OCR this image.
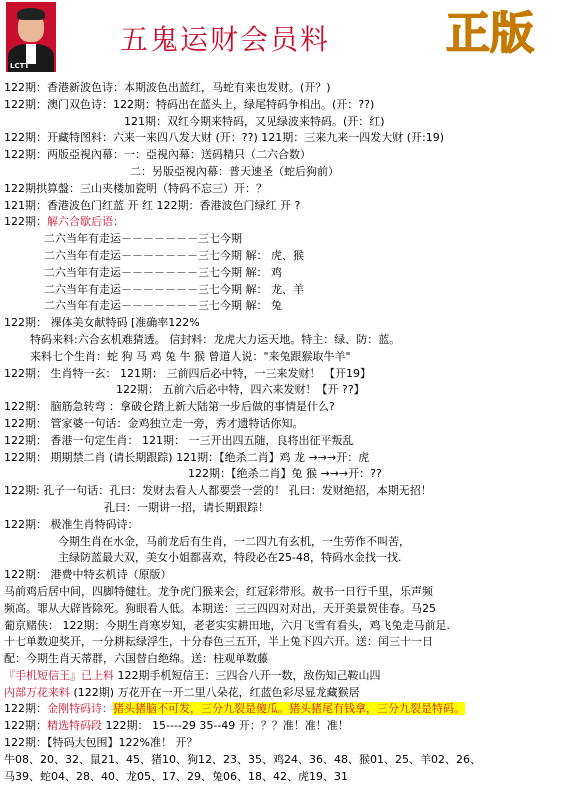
LCTT
五鬼运财会员料	正版
122期：香港新波色诗：本期波色出蓝红，马蛇有来也发财。(开？)
122期：澳门双色诗：122期：特码出在蓝头上，绿尾特码争相出。(开：??)
121期：双红今期来特码，又见绿波来特码。(开：红)
122期：开藏特图料：六来一来四八发大财 (开：??) 121期：三来九来一四发大财 (开:19)
122期：两版亞視內幕：一：亞視內幕：送码精只（二六合数）
二：另版亞視內幕：普天速圣（蛇后狗前）
122期拱算盤：三山夹楼加瓷明（特码不忘三）开：？
121期：香港波色门红蓝 开 红 122期：香港波色门绿红 开 ?
122期：解六合歇后语：
二六当年有走运－－－－－－－三七今期
二六当年有走运－－－－－－－三七今期 解： 虎、猴
二六当年有走运－－－－－－－三七今期 解： 鸡
二六当年有走运－－－－－－－三七今期 解： 龙、羊
二六当年有走运－－－－－－－三七今期 解： 兔
122期： 裸体美女献特码 [准确率122%
特码来料:六合玄机难猜透。 信封料：龙虎大力运天地。特主：绿、防：蓝。
来料七个生肖：蛇 狗 马 鸡 兔 牛 猴 曾道人说："来兔跟猴取牛羊"
122期： 生肖特一玄： 121期： 三前四后必中特，一三来发财！ 【开19】
122期： 五前六后必中特，四六来发财！【开 ??】
122期： 脑筋急转弯 ：拿破仑踏上新大陆第一步后做的事情是什么?
122期： 管家婆一句话：金鸡独立走一旁，秀才遗特话你知。
122期： 香港一句定生肖： 121期： 一三开出四五随，良将出征平叛乱
122期： 期期禁二肖 (请长期跟踪) 121期：【绝杀二肖】鸡 龙 →→→开：虎
122期：【绝杀二肖】兔 猴 →→→开：??
122期: 孔子一句话：孔曰：发财去看人人都要尝一尝的！ 孔曰：发财绝招，本期无招！
孔曰：一期讲一招，请长期跟踪！
122期： 极准生肖特码诗：
今期生肖在水金，马前龙后有生肖，一二四九有玄机，一生劳作不叫苦，
主绿防蓝最大双，美女小姐都喜欢，特段必在25-48，特码水金找一找.
122期： 港费中特玄机诗（原版）
马前鸡后居中间，四脚特健壮。龙争虎门猴来会，红冠彩带形。赦书一日行千里，乐声频
频高。罪从大辟皆除死。狗眼看人低。本期送：三三四四对对出，天开美景贺佳春。马25
葡京赌侠： 122期：今期生肖寒岁知，老老实实耕田地，六月飞雪有看头，鸡飞兔走马前足.
十七单数迎奖开，一分耕耘绿浮生，十分春色三五开，半上兔下四六开。送：闰三十一日
配：今期生肖天蒂群，六国替白绝绵。送：柱观单数藤
『手机短信王』已上料 122期手机短信王：三四合八开一数，敌伤知己鞍山四
内部万花来料 (122期) 万花开在一开二里八朵花，红蓝色彩尽显龙藏猴居
122期：金刚特码诗：猪头猪脑不可发，三分九裂是傻瓜。猪头猪尾有钱拿，三分九裂是特码。
122期：精选特码段 122期： 15----29 35--49 开：？？准！准！准！
122期：【特码大包围】122%准！ 开？
牛08、20、32、鼠21、45、猪10、狗12、23、35、鸡24、36、48、猴01、25、羊02、26、
马39、蛇04、28、40、龙05、17、29、兔06、18、42、虎19、31
